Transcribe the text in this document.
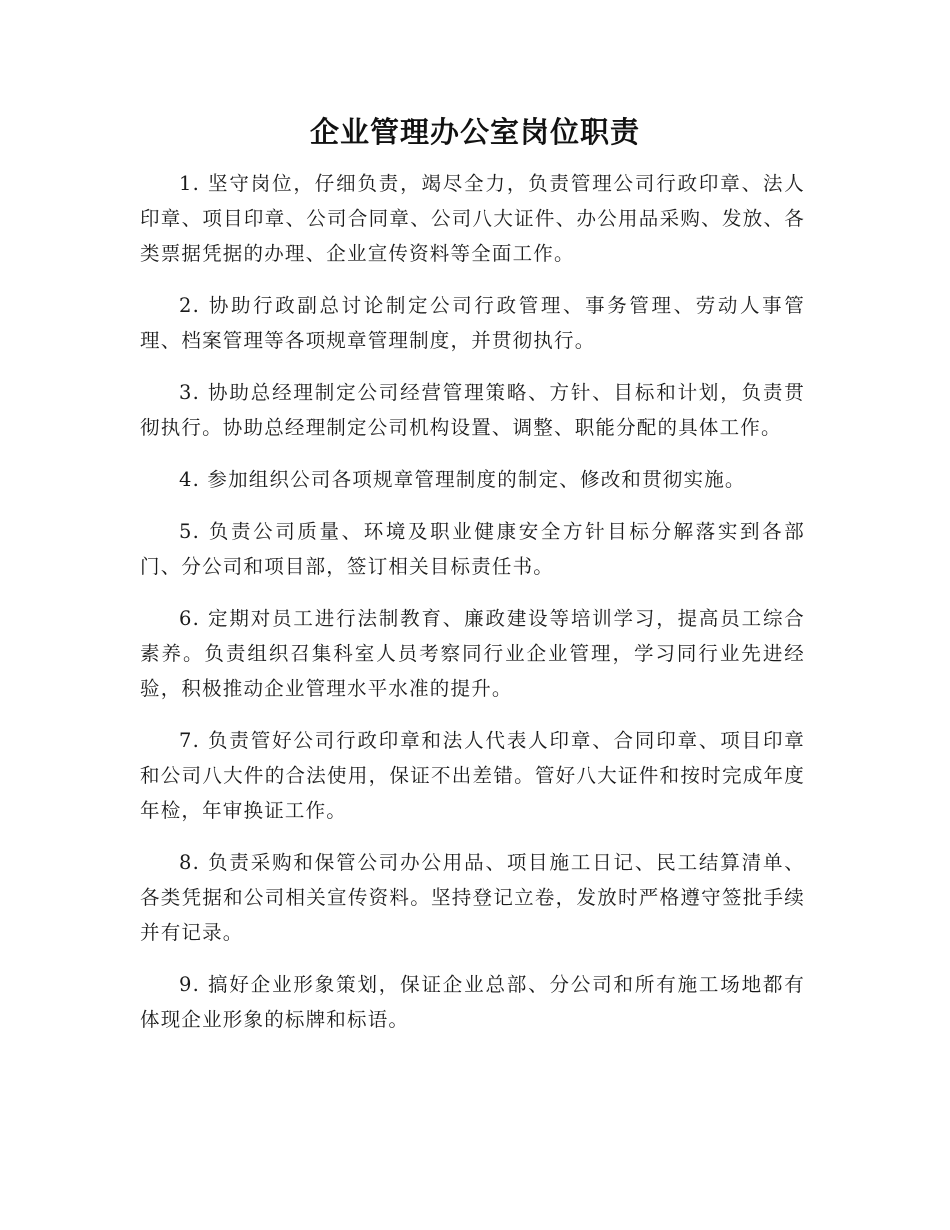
企业管理办公室岗位职责

1. 坚守岗位，仔细负责，竭尽全力，负责管理公司行政印章、法人印章、项目印章、公司合同章、公司八大证件、办公用品采购、发放、各类票据凭据的办理、企业宣传资料等全面工作。

2. 协助行政副总讨论制定公司行政管理、事务管理、劳动人事管理、档案管理等各项规章管理制度，并贯彻执行。

3. 协助总经理制定公司经营管理策略、方针、目标和计划，负责贯彻执行。协助总经理制定公司机构设置、调整、职能分配的具体工作。

4. 参加组织公司各项规章管理制度的制定、修改和贯彻实施。

5. 负责公司质量、环境及职业健康安全方针目标分解落实到各部门、分公司和项目部，签订相关目标责任书。

6. 定期对员工进行法制教育、廉政建设等培训学习，提高员工综合素养。负责组织召集科室人员考察同行业企业管理，学习同行业先进经验，积极推动企业管理水平水准的提升。

7. 负责管好公司行政印章和法人代表人印章、合同印章、项目印章和公司八大件的合法使用，保证不出差错。管好八大证件和按时完成年度年检，年审换证工作。

8. 负责采购和保管公司办公用品、项目施工日记、民工结算清单、各类凭据和公司相关宣传资料。坚持登记立卷，发放时严格遵守签批手续并有记录。

9. 搞好企业形象策划，保证企业总部、分公司和所有施工场地都有体现企业形象的标牌和标语。
